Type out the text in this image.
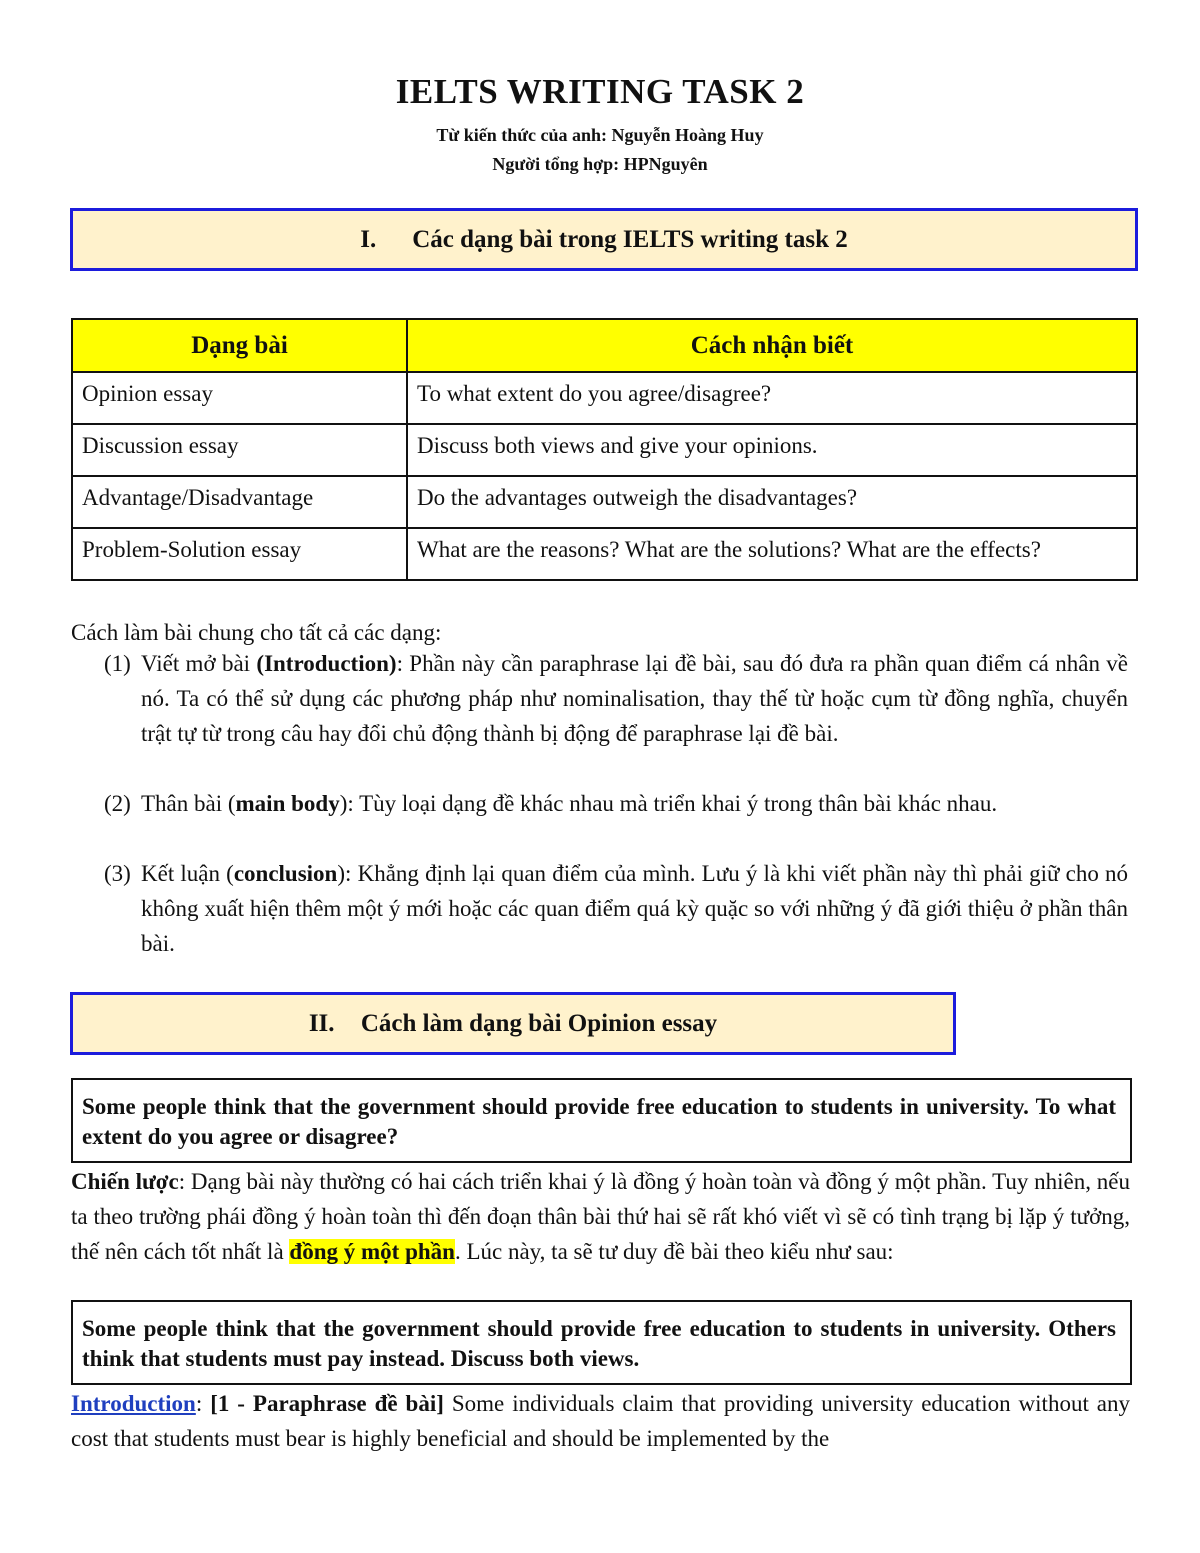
IELTS WRITING TASK 2
Từ kiến thức của anh: Nguyễn Hoàng Huy
Người tổng hợp: HPNguyên
I.	Các dạng bài trong IELTS writing task 2
Dạng bài	Cách nhận biết
Opinion essay	To what extent do you agree/disagree?
Discussion essay	Discuss both views and give your opinions.
Advantage/Disadvantage	Do the advantages outweigh the disadvantages?
Problem-Solution essay	What are the reasons? What are the solutions? What are the effects?
Cách làm bài chung cho tất cả các dạng:
(1) Viết mở bài (Introduction): Phần này cần paraphrase lại đề bài, sau đó đưa ra phần quan điểm cá nhân về nó. Ta có thể sử dụng các phương pháp như nominalisation, thay thế từ hoặc cụm từ đồng nghĩa, chuyển trật tự từ trong câu hay đổi chủ động thành bị động để paraphrase lại đề bài.
(2) Thân bài (main body): Tùy loại dạng đề khác nhau mà triển khai ý trong thân bài khác nhau.
(3) Kết luận (conclusion): Khẳng định lại quan điểm của mình. Lưu ý là khi viết phần này thì phải giữ cho nó không xuất hiện thêm một ý mới hoặc các quan điểm quá kỳ quặc so với những ý đã giới thiệu ở phần thân bài.
II.	Cách làm dạng bài Opinion essay
Some people think that the government should provide free education to students in university. To what extent do you agree or disagree?
Chiến lược: Dạng bài này thường có hai cách triển khai ý là đồng ý hoàn toàn và đồng ý một phần. Tuy nhiên, nếu ta theo trường phái đồng ý hoàn toàn thì đến đoạn thân bài thứ hai sẽ rất khó viết vì sẽ có tình trạng bị lặp ý tưởng, thế nên cách tốt nhất là đồng ý một phần. Lúc này, ta sẽ tư duy đề bài theo kiểu như sau:
Some people think that the government should provide free education to students in university. Others think that students must pay instead. Discuss both views.
Introduction: [1 - Paraphrase đề bài] Some individuals claim that providing university education without any cost that students must bear is highly beneficial and should be implemented by the
